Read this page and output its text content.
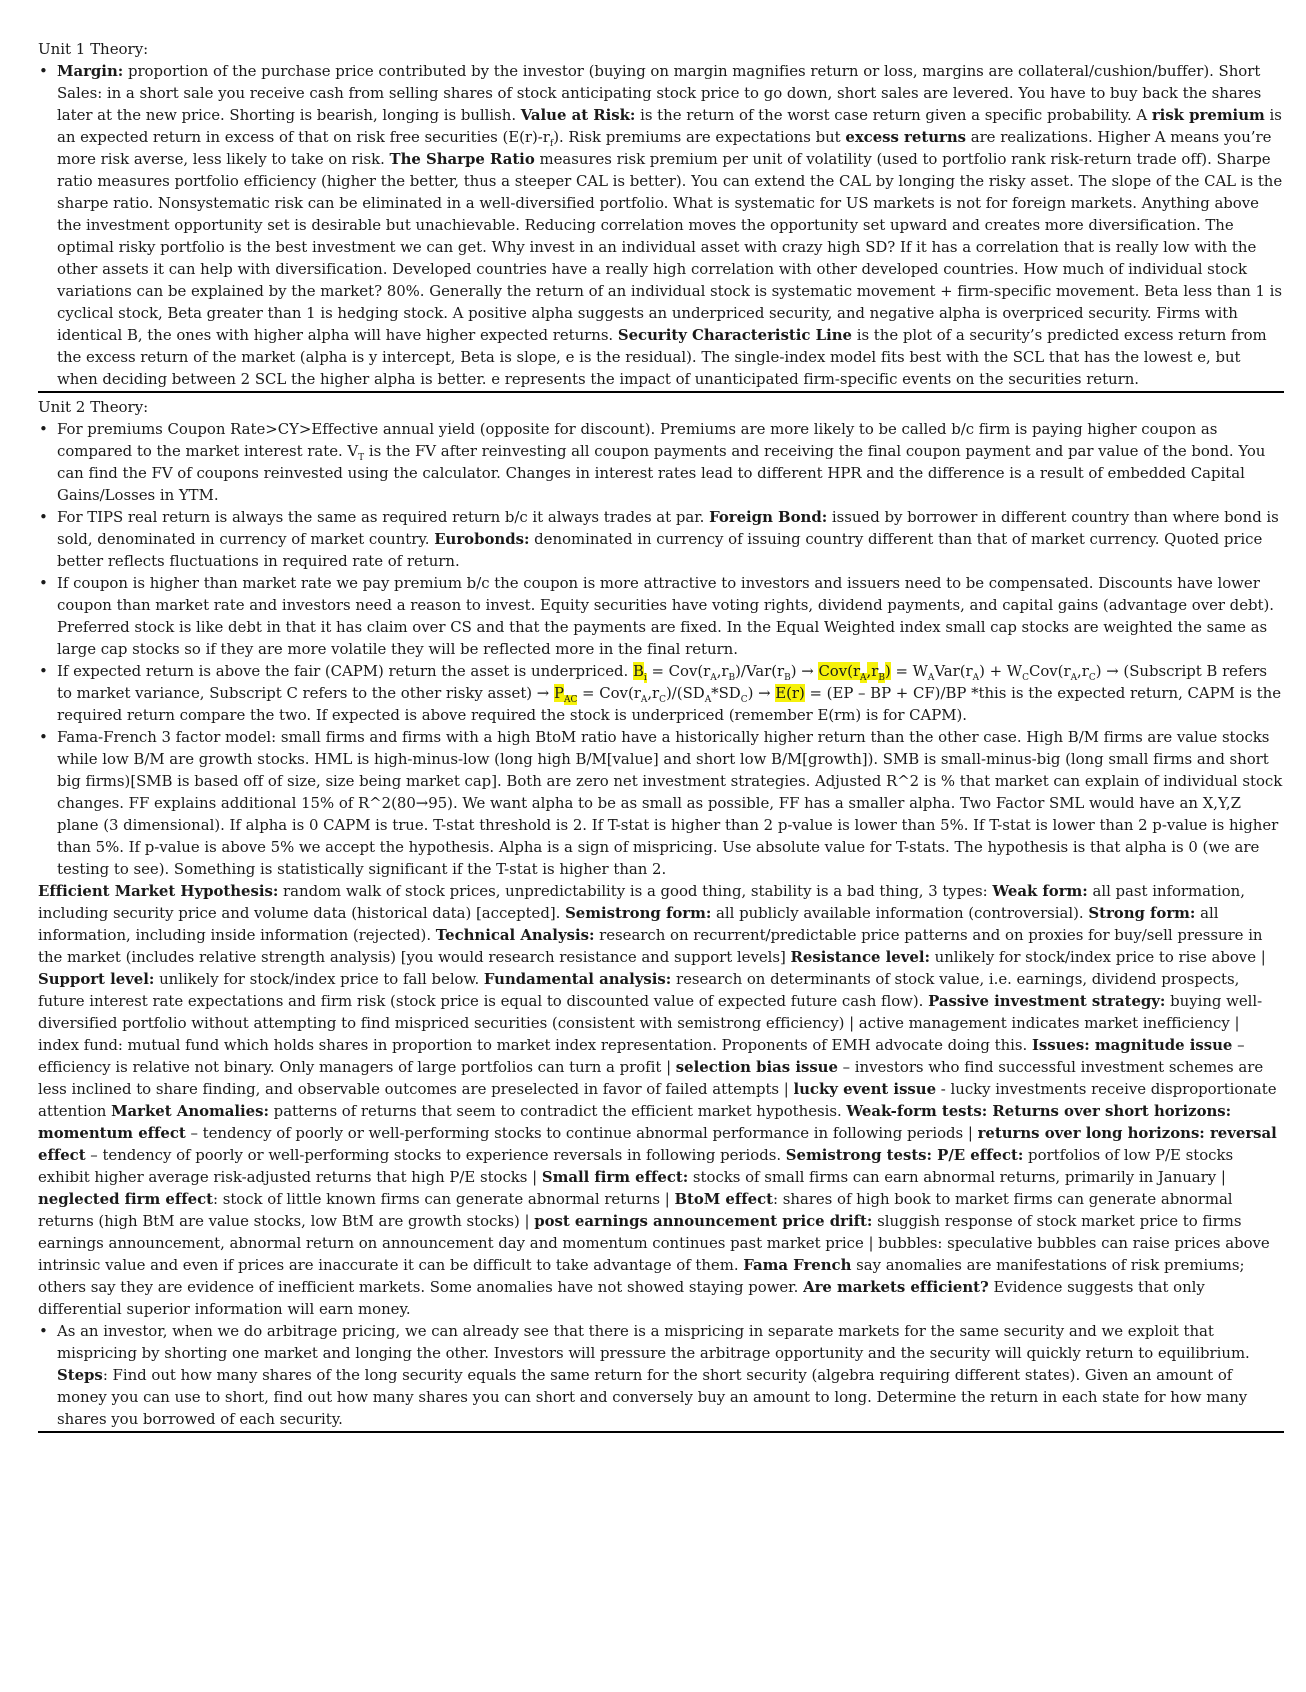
Unit 1 Theory:

• Margin: proportion of the purchase price contributed by the investor (buying on margin magnifies return or loss, margins are collateral/cushion/buffer). Short Sales: in a short sale you receive cash from selling shares of stock anticipating stock price to go down, short sales are levered. You have to buy back the shares later at the new price. Shorting is bearish, longing is bullish. Value at Risk: is the return of the worst case return given a specific probability. A risk premium is an expected return in excess of that on risk free securities $(E(r)-r_f)$. Risk premiums are expectations but excess returns are realizations. Higher A means you’re more risk averse, less likely to take on risk. The Sharpe Ratio measures risk premium per unit of volatility (used to portfolio rank risk-return trade off). Sharpe ratio measures portfolio efficiency (higher the better, thus a steeper CAL is better). You can extend the CAL by longing the risky asset. The slope of the CAL is the sharpe ratio. Nonsystematic risk can be eliminated in a well-diversified portfolio. What is systematic for US markets is not for foreign markets. Anything above the investment opportunity set is desirable but unachievable. Reducing correlation moves the opportunity set upward and creates more diversification. The optimal risky portfolio is the best investment we can get. Why invest in an individual asset with crazy high SD? If it has a correlation that is really low with the other assets it can help with diversification. Developed countries have a really high correlation with other developed countries. How much of individual stock variations can be explained by the market? 80%. Generally the return of an individual stock is systematic movement + firm-specific movement. Beta less than 1 is cyclical stock, Beta greater than 1 is hedging stock. A positive alpha suggests an underpriced security, and negative alpha is overpriced security. Firms with identical B, the ones with higher alpha will have higher expected returns. Security Characteristic Line is the plot of a security’s predicted excess return from the excess return of the market (alpha is y intercept, Beta is slope, e is the residual). The single-index model fits best with the SCL that has the lowest e, but when deciding between 2 SCL the higher alpha is better. e represents the impact of unanticipated firm-specific events on the securities return.

Unit 2 Theory:

• For premiums Coupon Rate>CY>Effective annual yield (opposite for discount). Premiums are more likely to be called b/c firm is paying higher coupon as compared to the market interest rate. $V_T$ is the FV after reinvesting all coupon payments and receiving the final coupon payment and par value of the bond. You can find the FV of coupons reinvested using the calculator. Changes in interest rates lead to different HPR and the difference is a result of embedded Capital Gains/Losses in YTM.
• For TIPS real return is always the same as required return b/c it always trades at par. Foreign Bond: issued by borrower in different country than where bond is sold, denominated in currency of market country. Eurobonds: denominated in currency of issuing country different than that of market currency. Quoted price better reflects fluctuations in required rate of return.
• If coupon is higher than market rate we pay premium b/c the coupon is more attractive to investors and issuers need to be compensated. Discounts have lower coupon than market rate and investors need a reason to invest. Equity securities have voting rights, dividend payments, and capital gains (advantage over debt). Preferred stock is like debt in that it has claim over CS and that the payments are fixed. In the Equal Weighted index small cap stocks are weighted the same as large cap stocks so if they are more volatile they will be reflected more in the final return.
• If expected return is above the fair (CAPM) return the asset is underpriced. $B_i = Cov(r_A,r_B)/Var(r_B) \to Cov(r_A,r_B) = W_AVar(r_A) + W_CCov(r_A,r_C)$ → (Subscript B refers to market variance, Subscript C refers to the other risky asset) → $P_{AC} = Cov(r_A,r_C)/(SD_A*SD_C) \to E(r) = (EP$ – BP + CF)/BP *this is the expected return, CAPM is the required return compare the two. If expected is above required the stock is underpriced (remember E(rm) is for CAPM).
• Fama-French 3 factor model: small firms and firms with a high BtoM ratio have a historically higher return than the other case. High B/M firms are value stocks while low B/M are growth stocks. HML is high-minus-low (long high B/M[value] and short low B/M[growth]). SMB is small-minus-big (long small firms and short big firms)[SMB is based off of size, size being market cap]. Both are zero net investment strategies. Adjusted R^2 is % that market can explain of individual stock changes. FF explains additional 15% of R^2(80→95). We want alpha to be as small as possible, FF has a smaller alpha. Two Factor SML would have an X,Y,Z plane (3 dimensional). If alpha is 0 CAPM is true. T-stat threshold is 2. If T-stat is higher than 2 p-value is lower than 5%. If T-stat is lower than 2 p-value is higher than 5%. If p-value is above 5% we accept the hypothesis. Alpha is a sign of mispricing. Use absolute value for T-stats. The hypothesis is that alpha is 0 (we are testing to see). Something is statistically significant if the T-stat is higher than 2.

Efficient Market Hypothesis: random walk of stock prices, unpredictability is a good thing, stability is a bad thing, 3 types: Weak form: all past information, including security price and volume data (historical data) [accepted]. Semistrong form: all publicly available information (controversial). Strong form: all information, including inside information (rejected). Technical Analysis: research on recurrent/predictable price patterns and on proxies for buy/sell pressure in the market (includes relative strength analysis) [you would research resistance and support levels] Resistance level: unlikely for stock/index price to rise above | Support level: unlikely for stock/index price to fall below. Fundamental analysis: research on determinants of stock value, i.e. earnings, dividend prospects, future interest rate expectations and firm risk (stock price is equal to discounted value of expected future cash flow). Passive investment strategy: buying well-diversified portfolio without attempting to find mispriced securities (consistent with semistrong efficiency) | active management indicates market inefficiency | index fund: mutual fund which holds shares in proportion to market index representation. Proponents of EMH advocate doing this. Issues: magnitude issue – efficiency is relative not binary. Only managers of large portfolios can turn a profit | selection bias issue – investors who find successful investment schemes are less inclined to share finding, and observable outcomes are preselected in favor of failed attempts | lucky event issue - lucky investments receive disproportionate attention Market Anomalies: patterns of returns that seem to contradict the efficient market hypothesis. Weak-form tests: Returns over short horizons: momentum effect – tendency of poorly or well-performing stocks to continue abnormal performance in following periods | returns over long horizons: reversal effect – tendency of poorly or well-performing stocks to experience reversals in following periods. Semistrong tests: P/E effect: portfolios of low P/E stocks exhibit higher average risk-adjusted returns that high P/E stocks | Small firm effect: stocks of small firms can earn abnormal returns, primarily in January | neglected firm effect: stock of little known firms can generate abnormal returns | BtoM effect: shares of high book to market firms can generate abnormal returns (high BtM are value stocks, low BtM are growth stocks) | post earnings announcement price drift: sluggish response of stock market price to firms earnings announcement, abnormal return on announcement day and momentum continues past market price | bubbles: speculative bubbles can raise prices above intrinsic value and even if prices are inaccurate it can be difficult to take advantage of them. Fama French say anomalies are manifestations of risk premiums; others say they are evidence of inefficient markets. Some anomalies have not showed staying power. Are markets efficient? Evidence suggests that only differential superior information will earn money.

• As an investor, when we do arbitrage pricing, we can already see that there is a mispricing in separate markets for the same security and we exploit that mispricing by shorting one market and longing the other. Investors will pressure the arbitrage opportunity and the security will quickly return to equilibrium. Steps: Find out how many shares of the long security equals the same return for the short security (algebra requiring different states). Given an amount of money you can use to short, find out how many shares you can short and conversely buy an amount to long. Determine the return in each state for how many shares you borrowed of each security.
